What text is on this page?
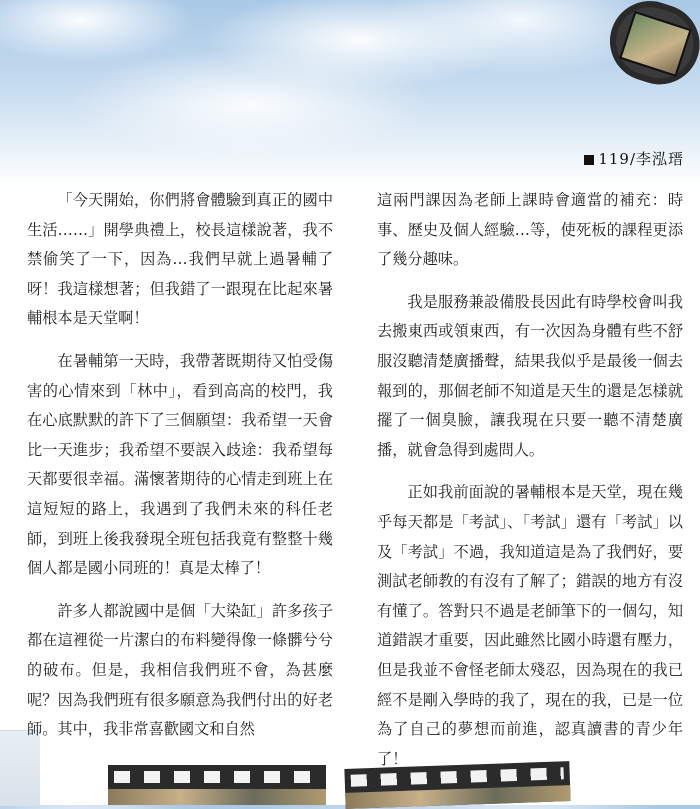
119/李泓瑨

「今天開始，你們將會體驗到真正的國中生活……」開學典禮上，校長這樣說著，我不禁偷笑了一下，因為…我們早就上過暑輔了呀！我這樣想著；但我錯了一跟現在比起來暑輔根本是天堂啊！

在暑輔第一天時，我帶著既期待又怕受傷害的心情來到「林中」，看到高高的校門，我在心底默默的許下了三個願望：我希望一天會比一天進步；我希望不要誤入歧途：我希望每天都要很幸福。滿懷著期待的心情走到班上在這短短的路上，我遇到了我們未來的科任老師，到班上後我發現全班包括我竟有整整十幾個人都是國小同班的！真是太棒了！

許多人都說國中是個「大染缸」許多孩子都在這裡從一片潔白的布料變得像一條髒兮兮的破布。但是，我相信我們班不會，為甚麼呢？因為我們班有很多願意為我們付出的好老師。其中，我非常喜歡國文和自然

這兩門課因為老師上課時會適當的補充：時事、歷史及個人經驗…等，使死板的課程更添了幾分趣味。

我是服務兼設備股長因此有時學校會叫我去搬東西或領東西，有一次因為身體有些不舒服沒聽清楚廣播聲，結果我似乎是最後一個去報到的，那個老師不知道是天生的還是怎樣就擺了一個臭臉，讓我現在只要一聽不清楚廣播，就會急得到處問人。

正如我前面說的暑輔根本是天堂，現在幾乎每天都是「考試」、「考試」還有「考試」以及「考試」不過，我知道這是為了我們好，要測試老師教的有沒有了解了；錯誤的地方有沒有懂了。答對只不過是老師筆下的一個勾，知道錯誤才重要，因此雖然比國小時還有壓力，但是我並不會怪老師太殘忍，因為現在的我已經不是剛入學時的我了，現在的我，已是一位為了自己的夢想而前進，認真讀書的青少年了！
